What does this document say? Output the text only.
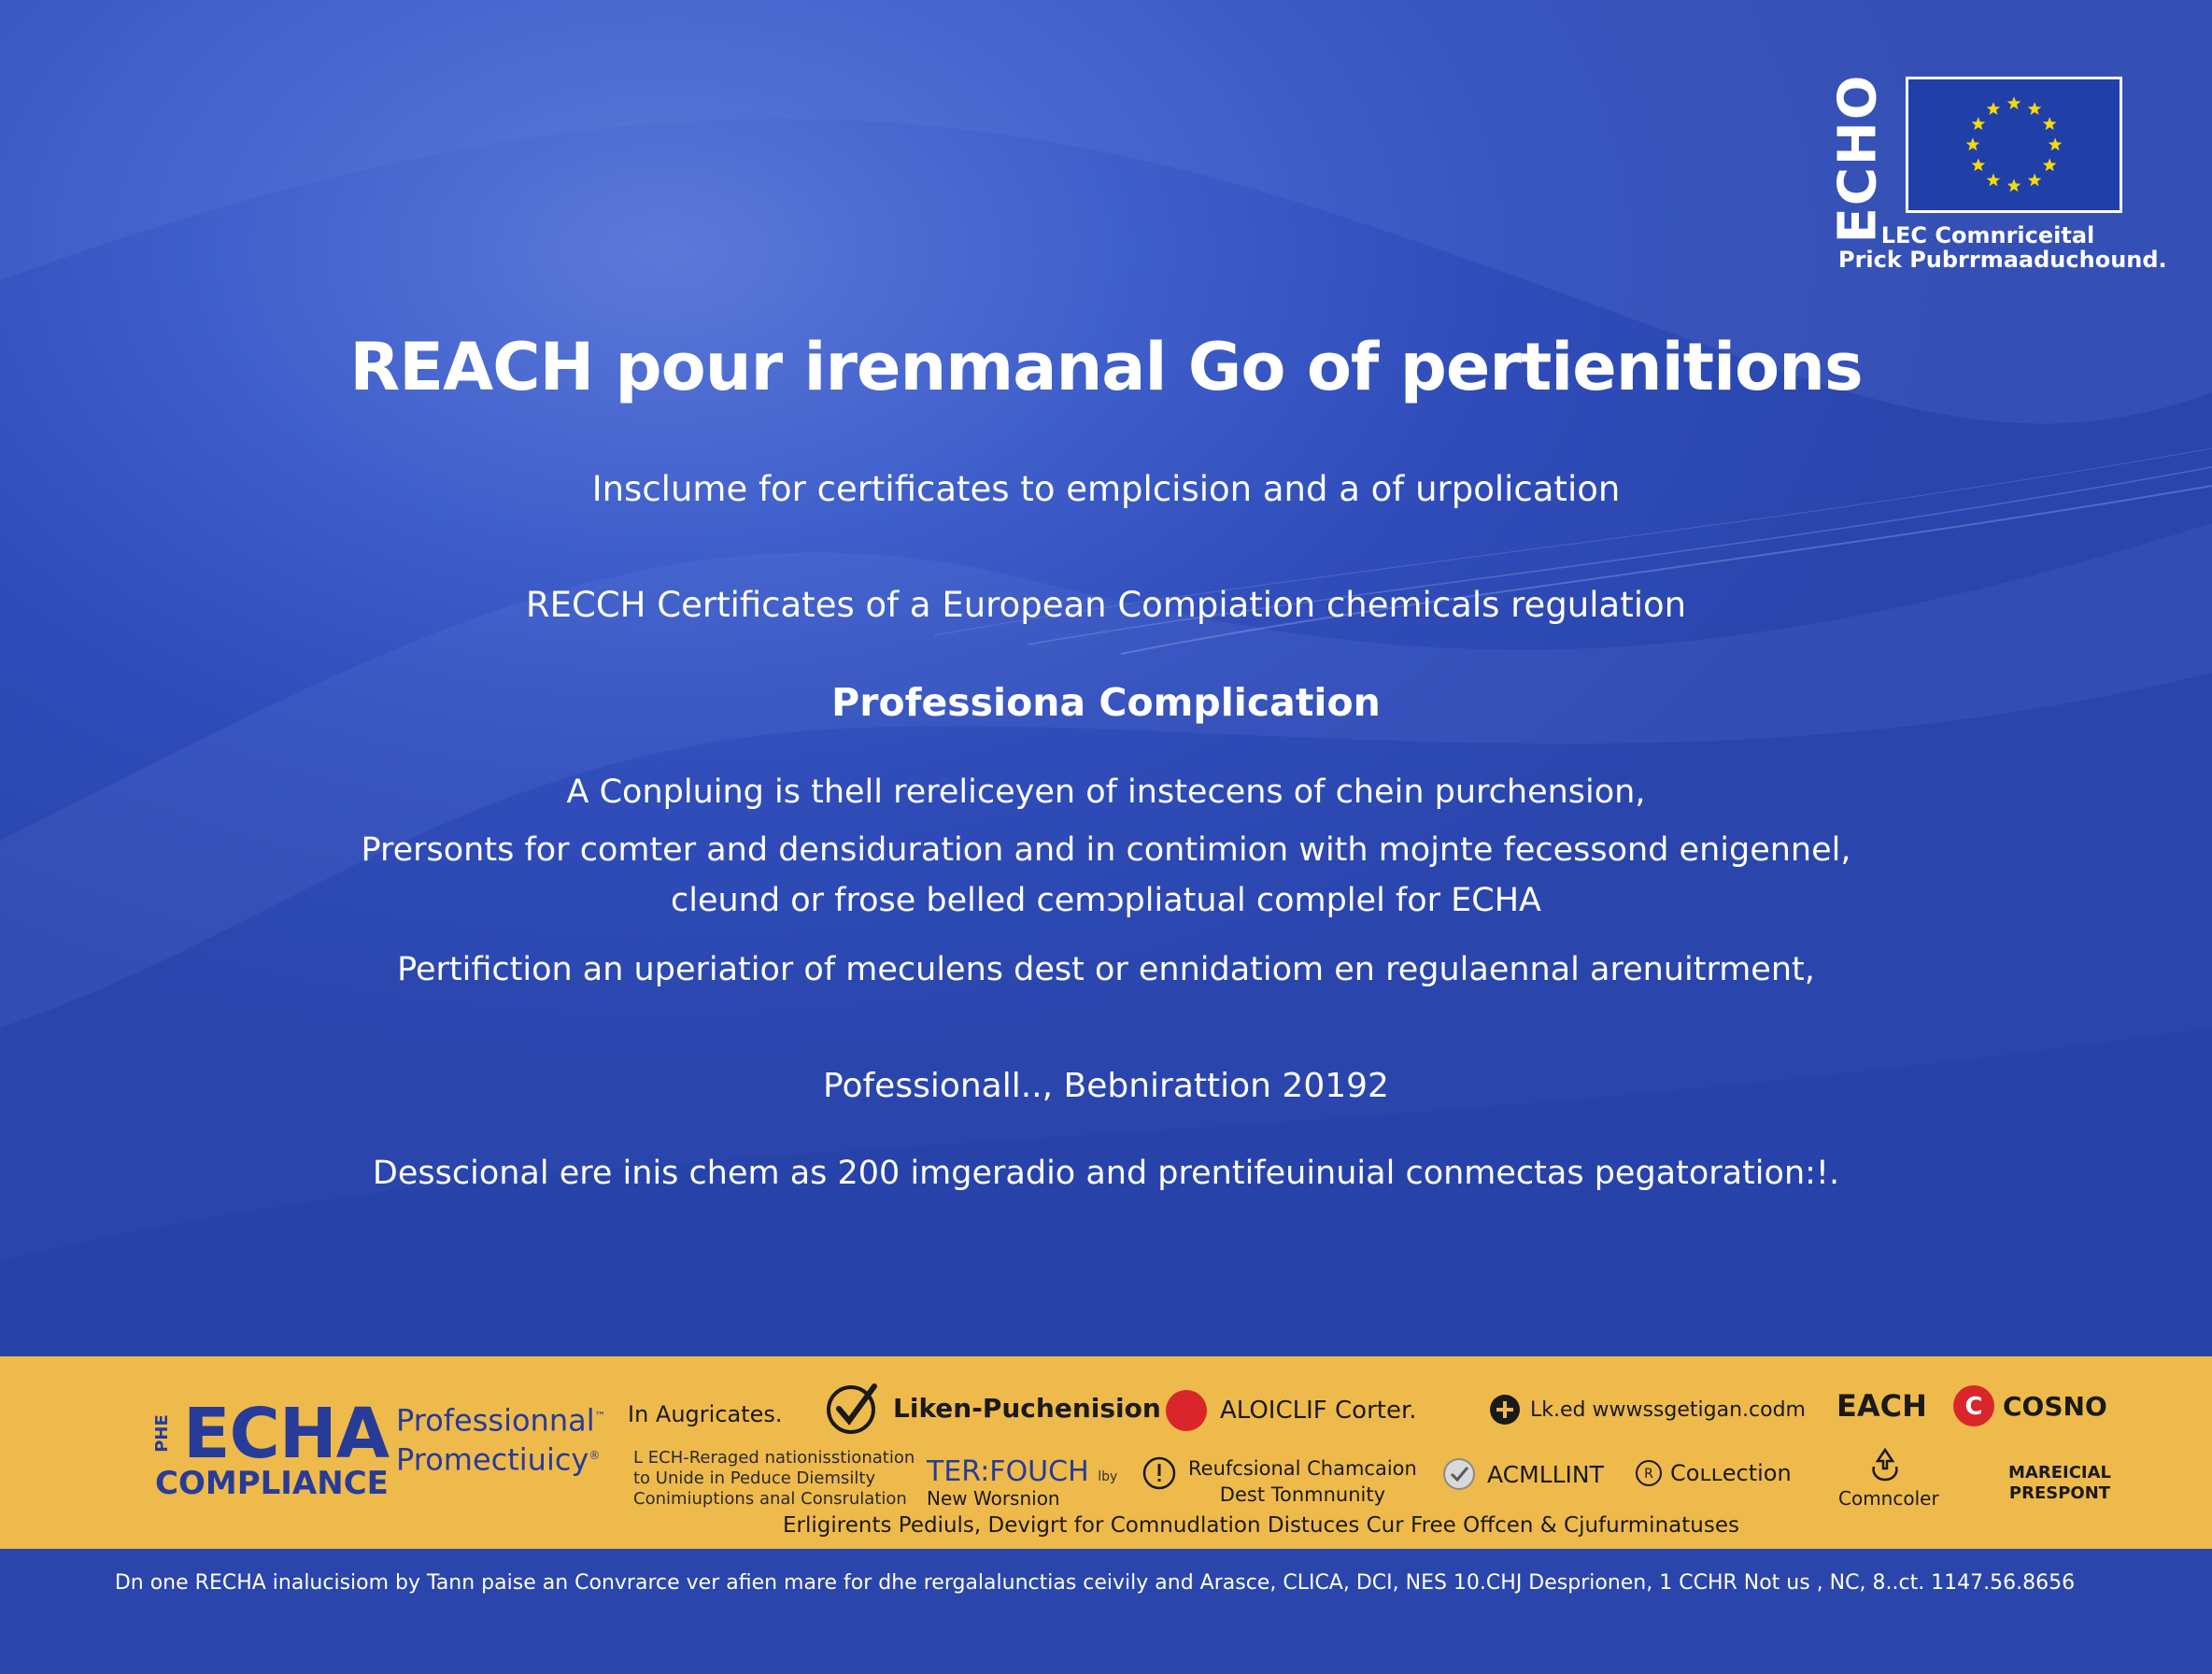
ECHO
LEC Comnriceital
Prick Pubrrmaaduchound.
REACH pour irenmanal Go of pertienitions
Insclume for certificates to emplcision and a of urpolication
RECCH Certificates of a European Compiation chemicals regulation
Professiona Complication
A Conpluing is thell rereliceyen of instecens of chein purchension,
Prersonts for comter and densiduration and in contimion with mojnte fecessond enigennel,
cleund or frose belled cemɔpliatual complel for ECHA
Pertifiction an uperiatior of meculens dest or ennidatiom en regulaennal arenuitrment,
Pofessionall.., Bebnirattion 20192
Desscional ere inis chem as 200 imgeradio and prentifeuinuial conmectas pegatoration:!.
PHE ECHA
COMPLIANCE
Professionnal™
Promectiuicy®
In Augricates.
L ECH-Reraged nationisstionation
to Unide in Peduce Diemsilty
Conimiuptions anal Consrulation
Liken-Puchenision
TER:FOUCH lby
New Worsnion
ALOICLIF Corter.
Reufcsional Chamcaion
Dest Tonmnunity
Lk.ed wwwssgetigan.codm
ACMLLINT	R Coʟʟection
EACH C COSNO
Comncoler
MAREICIAL
PRESPONT
Erligirents Pediuls, Devigrt for Comnudlation Distuces Cur Free Offcen & Cjufurminatuses
Dn one RECHA inalucisiom by Tann paise an Convrarce ver afien mare for dhe rergalalunctias ceivily and Arasce, CLICA, DCI, NES 10.CHJ Desprionen, 1 CCHR Not us , NC, 8..ct. 1147.56.8656
